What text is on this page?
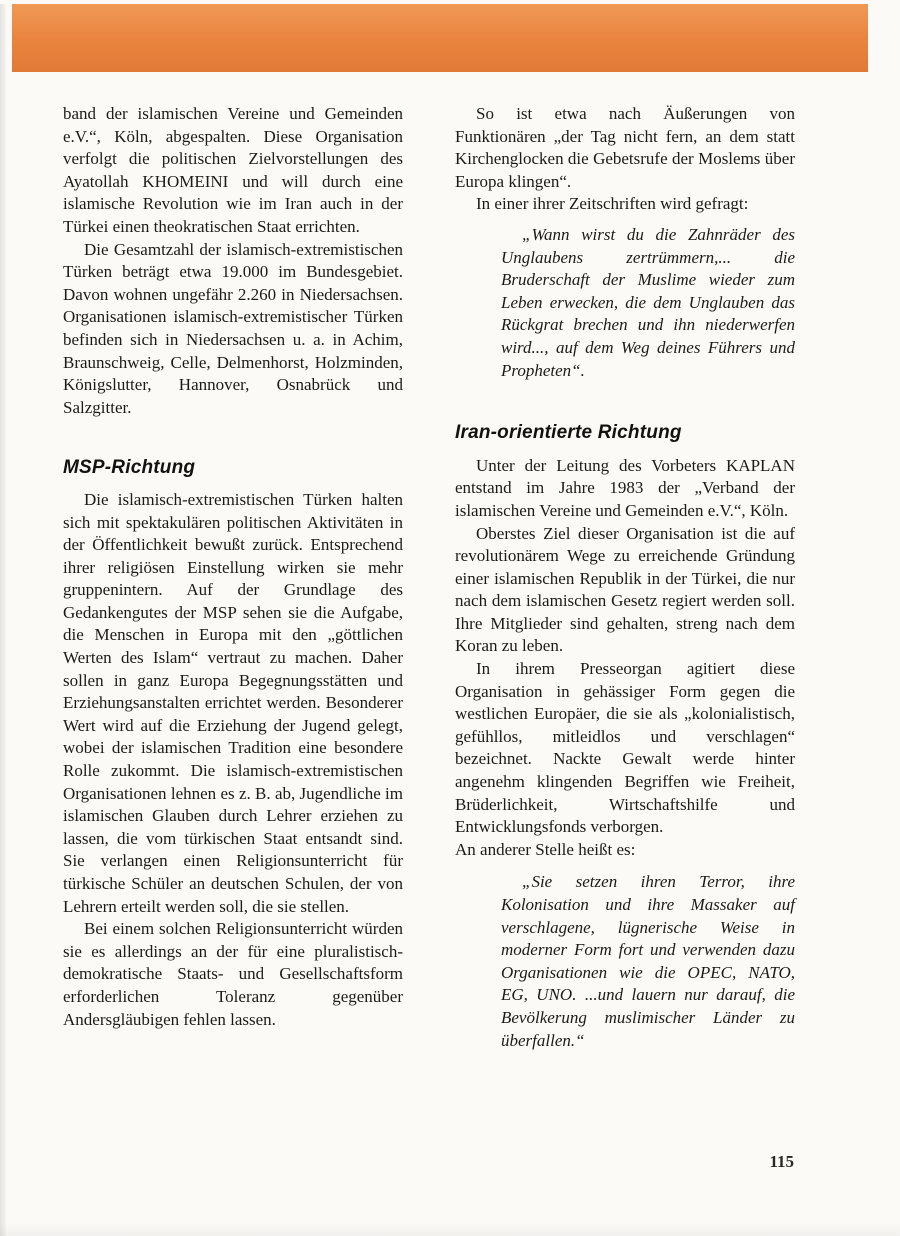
band der islamischen Vereine und Gemeinden e.V.“, Köln, abgespalten. Diese Organisation verfolgt die politischen Zielvorstellungen des Ayatollah KHOMEINI und will durch eine islamische Revolution wie im Iran auch in der Türkei einen theokratischen Staat errichten.

Die Gesamtzahl der islamisch-extremistischen Türken beträgt etwa 19.000 im Bundesgebiet. Davon wohnen ungefähr 2.260 in Niedersachsen. Organisationen islamisch-extremistischer Türken befinden sich in Niedersachsen u. a. in Achim, Braunschweig, Celle, Delmenhorst, Holzminden, Königslutter, Hannover, Osnabrück und Salzgitter.

MSP-Richtung

Die islamisch-extremistischen Türken halten sich mit spektakulären politischen Aktivitäten in der Öffentlichkeit bewußt zurück. Entsprechend ihrer religiösen Einstellung wirken sie mehr gruppenintern. Auf der Grundlage des Gedankengutes der MSP sehen sie die Aufgabe, die Menschen in Europa mit den „göttlichen Werten des Islam“ vertraut zu machen. Daher sollen in ganz Europa Begegnungsstätten und Erziehungsanstalten errichtet werden. Besonderer Wert wird auf die Erziehung der Jugend gelegt, wobei der islamischen Tradition eine besondere Rolle zukommt. Die islamisch-extremistischen Organisationen lehnen es z. B. ab, Jugendliche im islamischen Glauben durch Lehrer erziehen zu lassen, die vom türkischen Staat entsandt sind. Sie verlangen einen Religionsunterricht für türkische Schüler an deutschen Schulen, der von Lehrern erteilt werden soll, die sie stellen.

Bei einem solchen Religionsunterricht würden sie es allerdings an der für eine pluralistisch-demokratische Staats- und Gesellschaftsform erforderlichen Toleranz gegenüber Andersgläubigen fehlen lassen.

So ist etwa nach Äußerungen von Funktionären „der Tag nicht fern, an dem statt Kirchenglocken die Gebetsrufe der Moslems über Europa klingen“.

In einer ihrer Zeitschriften wird gefragt:

„Wann wirst du die Zahnräder des Unglaubens zertrümmern,... die Bruderschaft der Muslime wieder zum Leben erwecken, die dem Unglauben das Rückgrat brechen und ihn niederwerfen wird..., auf dem Weg deines Führers und Propheten“.

Iran-orientierte Richtung

Unter der Leitung des Vorbeters KAPLAN entstand im Jahre 1983 der „Verband der islamischen Vereine und Gemeinden e.V.“, Köln.

Oberstes Ziel dieser Organisation ist die auf revolutionärem Wege zu erreichende Gründung einer islamischen Republik in der Türkei, die nur nach dem islamischen Gesetz regiert werden soll. Ihre Mitglieder sind gehalten, streng nach dem Koran zu leben.

In ihrem Presseorgan agitiert diese Organisation in gehässiger Form gegen die westlichen Europäer, die sie als „kolonialistisch, gefühllos, mitleidlos und verschlagen“ bezeichnet. Nackte Gewalt werde hinter angenehm klingenden Begriffen wie Freiheit, Brüderlichkeit, Wirtschaftshilfe und Entwicklungsfonds verborgen.

An anderer Stelle heißt es:

„Sie setzen ihren Terror, ihre Kolonisation und ihre Massaker auf verschlagene, lügnerische Weise in moderner Form fort und verwenden dazu Organisationen wie die OPEC, NATO, EG, UNO. ...und lauern nur darauf, die Bevölkerung muslimischer Länder zu überfallen.“

115
